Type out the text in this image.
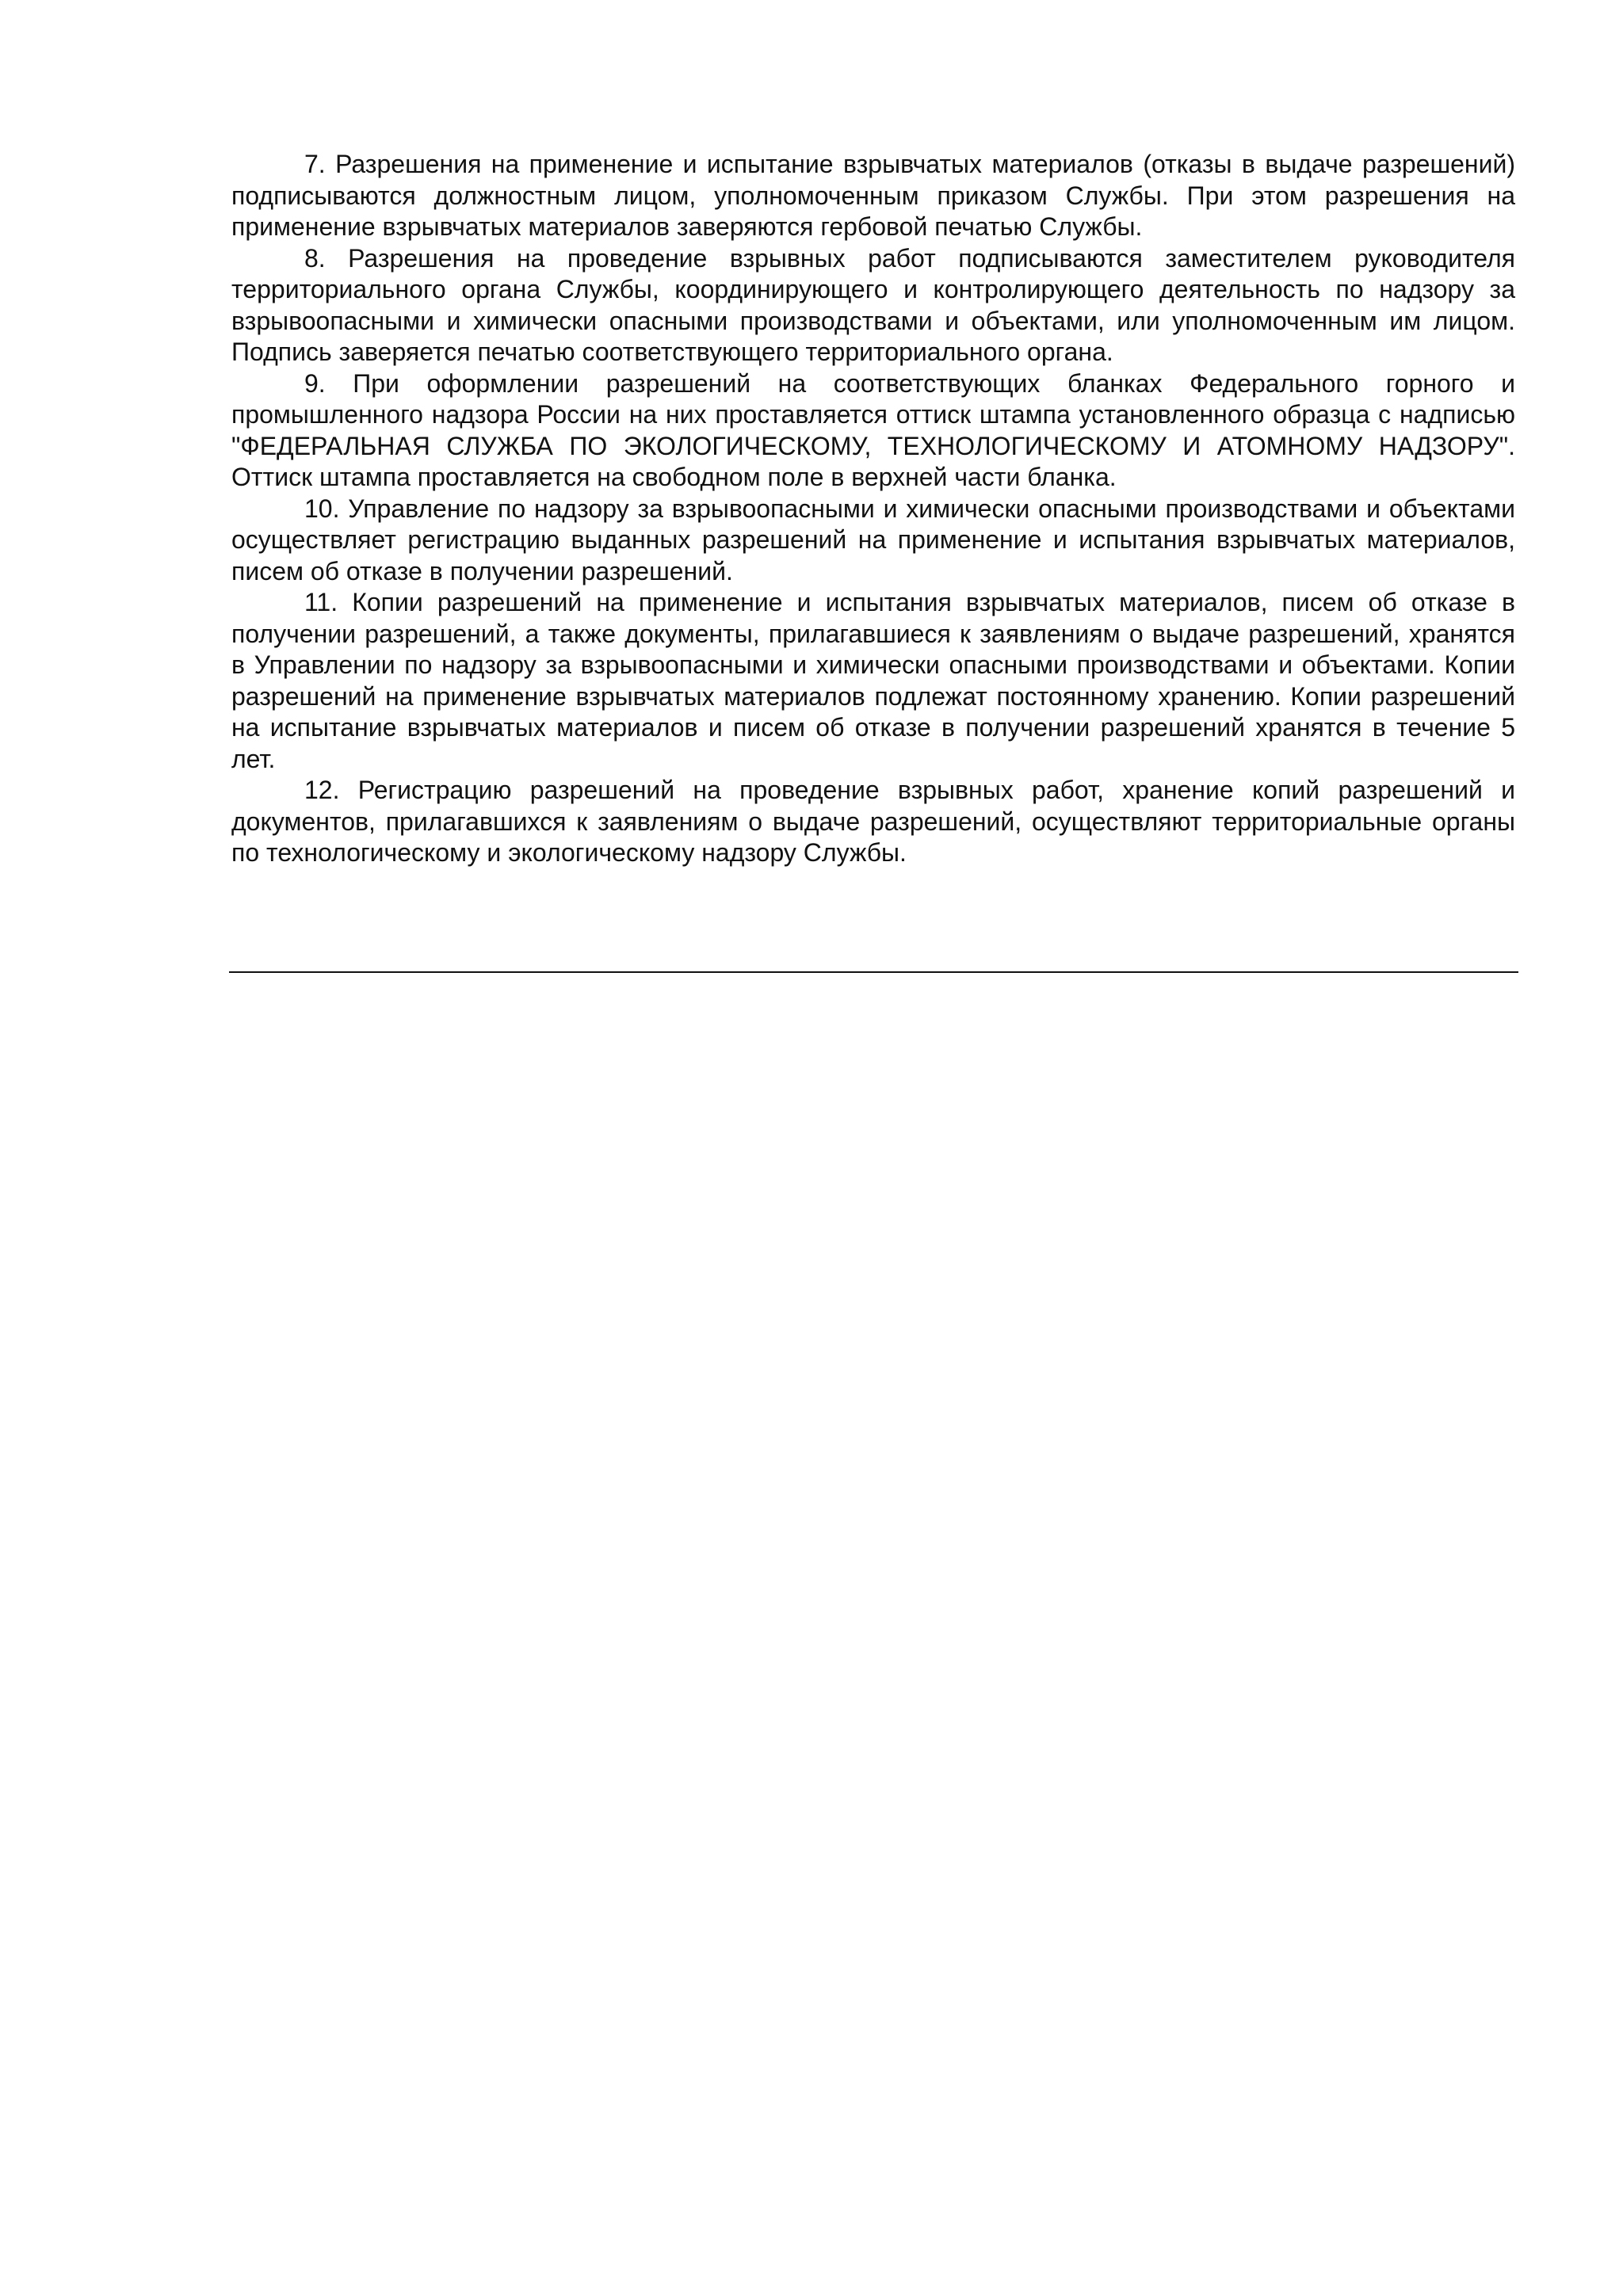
7. Разрешения на применение и испытание взрывчатых материалов (отказы в выдаче разрешений) подписываются должностным лицом, уполномоченным приказом Службы. При этом разрешения на применение взрывчатых материалов заверяются гербовой печатью Службы.

8. Разрешения на проведение взрывных работ подписываются заместителем руководителя территориального органа Службы, координирующего и контролирующего деятельность по надзору за взрывоопасными и химически опасными производствами и объектами, или уполномоченным им лицом. Подпись заверяется печатью соответствующего территориального органа.

9. При оформлении разрешений на соответствующих бланках Федерального горного и промышленного надзора России на них проставляется оттиск штампа установленного образца с надписью "ФЕДЕРАЛЬНАЯ СЛУЖБА ПО ЭКОЛОГИЧЕСКОМУ, ТЕХНОЛОГИЧЕСКОМУ И АТОМНОМУ НАДЗОРУ". Оттиск штампа проставляется на свободном поле в верхней части бланка.

10. Управление по надзору за взрывоопасными и химически опасными производствами и объектами осуществляет регистрацию выданных разрешений на применение и испытания взрывчатых материалов, писем об отказе в получении разрешений.

11. Копии разрешений на применение и испытания взрывчатых материалов, писем об отказе в получении разрешений, а также документы, прилагавшиеся к заявлениям о выдаче разрешений, хранятся в Управлении по надзору за взрывоопасными и химически опасными производствами и объектами. Копии разрешений на применение взрывчатых материалов подлежат постоянному хранению. Копии разрешений на испытание взрывчатых материалов и писем об отказе в получении разрешений хранятся в течение 5 лет.

12. Регистрацию разрешений на проведение взрывных работ, хранение копий разрешений и документов, прилагавшихся к заявлениям о выдаче разрешений, осуществляют территориальные органы по технологическому и экологическому надзору Службы.
